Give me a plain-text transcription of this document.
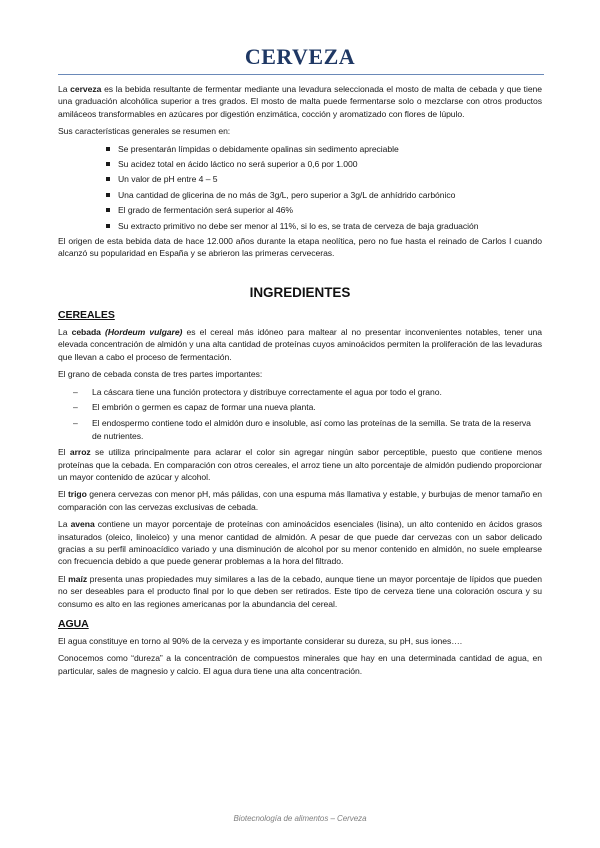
CERVEZA

La cerveza es la bebida resultante de fermentar mediante una levadura seleccionada el mosto de malta de cebada y que tiene una graduación alcohólica superior a tres grados. El mosto de malta puede fermentarse solo o mezclarse con otros productos amiláceos transformables en azúcares por digestión enzimática, cocción y aromatizado con flores de lúpulo.

Sus características generales se resumen en:

Se presentarán límpidas o debidamente opalinas sin sedimento apreciable
Su acidez total en ácido láctico no será superior a 0,6 por 1.000
Un valor de pH entre 4 – 5
Una cantidad de glicerina de no más de 3g/L, pero superior a 3g/L de anhídrido carbónico
El grado de fermentación será superior al 46%
Su extracto primitivo no debe ser menor al 11%, si lo es, se trata de cerveza de baja graduación

El origen de esta bebida data de hace 12.000 años durante la etapa neolítica, pero no fue hasta el reinado de Carlos I cuando alcanzó su popularidad en España y se abrieron las primeras cerveceras.

INGREDIENTES
CEREALES

La cebada (Hordeum vulgare) es el cereal más idóneo para maltear al no presentar inconvenientes notables, tener una elevada concentración de almidón y una alta cantidad de proteínas cuyos aminoácidos permiten la proliferación de las levaduras que llevan a cabo el proceso de fermentación.

El grano de cebada consta de tres partes importantes:

– La cáscara tiene una función protectora y distribuye correctamente el agua por todo el grano.
– El embrión o germen es capaz de formar una nueva planta.
– El endospermo contiene todo el almidón duro e insoluble, así como las proteínas de la semilla. Se trata de la reserva de nutrientes.

El arroz se utiliza principalmente para aclarar el color sin agregar ningún sabor perceptible, puesto que contiene menos proteínas que la cebada. En comparación con otros cereales, el arroz tiene un alto porcentaje de almidón pudiendo proporcionar un mayor contenido de azúcar y alcohol.

El trigo genera cervezas con menor pH, más pálidas, con una espuma más llamativa y estable, y burbujas de menor tamaño en comparación con las cervezas exclusivas de cebada.

La avena contiene un mayor porcentaje de proteínas con aminoácidos esenciales (lisina), un alto contenido en ácidos grasos insaturados (oleico, linoleico) y una menor cantidad de almidón. A pesar de que puede dar cervezas con un sabor delicado gracias a su perfil aminoacídico variado y una disminución de alcohol por su menor contenido en almidón, no suele emplearse con frecuencia debido a que puede generar problemas a la hora del filtrado.

El maíz presenta unas propiedades muy similares a las de la cebado, aunque tiene un mayor porcentaje de lípidos que pueden no ser deseables para el producto final por lo que deben ser retirados. Este tipo de cerveza tiene una coloración oscura y su consumo es alto en las regiones americanas por la abundancia del cereal.

AGUA

El agua constituye en torno al 90% de la cerveza y es importante considerar su dureza, su pH, sus iones….

Conocemos como “dureza” a la concentración de compuestos minerales que hay en una determinada cantidad de agua, en particular, sales de magnesio y calcio. El agua dura tiene una alta concentración.

Biotecnología de alimentos – Cerveza
